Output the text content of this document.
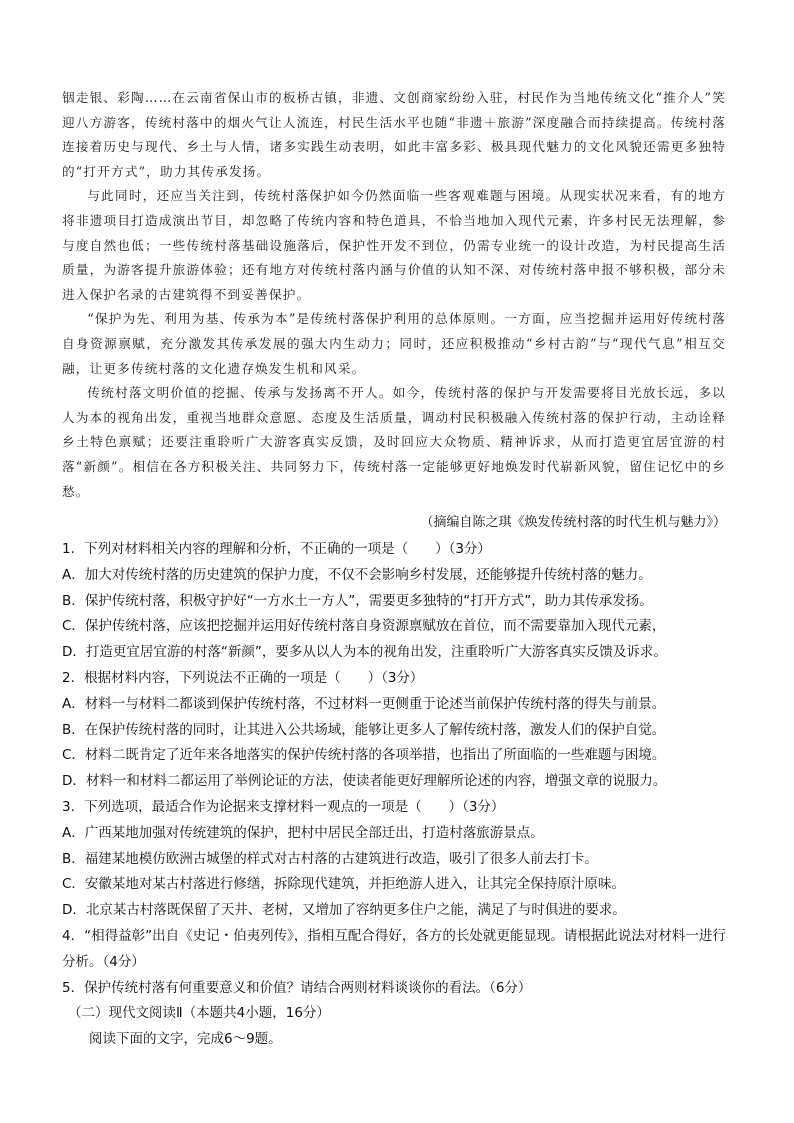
铟走银、彩陶……在云南省保山市的板桥古镇，非遗、文创商家纷纷入驻，村民作为当地传统文化“推介人”笑迎八方游客，传统村落中的烟火气让人流连，村民生活水平也随“非遗＋旅游”深度融合而持续提高。传统村落连接着历史与现代、乡土与人情，诸多实践生动表明，如此丰富多彩、极具现代魅力的文化风貌还需更多独特的“打开方式”，助力其传承发扬。

与此同时，还应当关注到，传统村落保护如今仍然面临一些客观难题与困境。从现实状况来看，有的地方将非遗项目打造成演出节目，却忽略了传统内容和特色道具，不恰当地加入现代元素，许多村民无法理解，参与度自然也低；一些传统村落基础设施落后，保护性开发不到位，仍需专业统一的设计改造，为村民提高生活质量，为游客提升旅游体验；还有地方对传统村落内涵与价值的认知不深、对传统村落申报不够积极，部分未进入保护名录的古建筑得不到妥善保护。

“保护为先、利用为基、传承为本”是传统村落保护利用的总体原则。一方面，应当挖掘并运用好传统村落自身资源禀赋，充分激发其传承发展的强大内生动力；同时，还应积极推动“乡村古韵”与“现代气息”相互交融，让更多传统村落的文化遗存焕发生机和风采。

传统村落文明价值的挖掘、传承与发扬离不开人。如今，传统村落的保护与开发需要将目光放长远，多以人为本的视角出发，重视当地群众意愿、态度及生活质量，调动村民积极融入传统村落的保护行动，主动诠释乡土特色禀赋；还要注重聆听广大游客真实反馈，及时回应大众物质、精神诉求，从而打造更宜居宜游的村落“新颜”。相信在各方积极关注、共同努力下，传统村落一定能够更好地焕发时代崭新风貌，留住记忆中的乡愁。

（摘编自陈之琪《焕发传统村落的时代生机与魅力》）
1．下列对材料相关内容的理解和分析，不正确的一项是（　　）（3分）
A．加大对传统村落的历史建筑的保护力度，不仅不会影响乡村发展，还能够提升传统村落的魅力。
B．保护传统村落，积极守护好“一方水土一方人”，需要更多独特的“打开方式”，助力其传承发扬。
C．保护传统村落，应该把挖掘并运用好传统村落自身资源禀赋放在首位，而不需要靠加入现代元素，
D．打造更宜居宜游的村落“新颜”，要多从以人为本的视角出发，注重聆听广大游客真实反馈及诉求。
2．根据材料内容，下列说法不正确的一项是（　　）（3分）
A．材料一与材料二都谈到保护传统村落，不过材料一更侧重于论述当前保护传统村落的得失与前景。
B．在保护传统村落的同时，让其进入公共场域，能够让更多人了解传统村落，激发人们的保护自觉。
C．材料二既肯定了近年来各地落实的保护传统村落的各项举措，也指出了所面临的一些难题与困境。
D．材料一和材料二都运用了举例论证的方法，使读者能更好理解所论述的内容，增强文章的说服力。
3．下列选项，最适合作为论据来支撑材料一观点的一项是（　　）（3分）
A．广西某地加强对传统建筑的保护，把村中居民全部迁出，打造村落旅游景点。
B．福建某地模仿欧洲古城堡的样式对古村落的古建筑进行改造，吸引了很多人前去打卡。
C．安徽某地对某古村落进行修缮，拆除现代建筑，并拒绝游人进入，让其完全保持原汁原味。
D．北京某古村落既保留了天井、老树，又增加了容纳更多住户之能，满足了与时俱进的要求。
4．“相得益彰”出自《史记・伯夷列传》，指相互配合得好，各方的长处就更能显现。请根据此说法对材料一进行分析。（4分）
5．保护传统村落有何重要意义和价值？请结合两则材料谈谈你的看法。（6分）
（二）现代文阅读Ⅱ（本题共4小题，16分）
阅读下面的文字，完成6～9题。
